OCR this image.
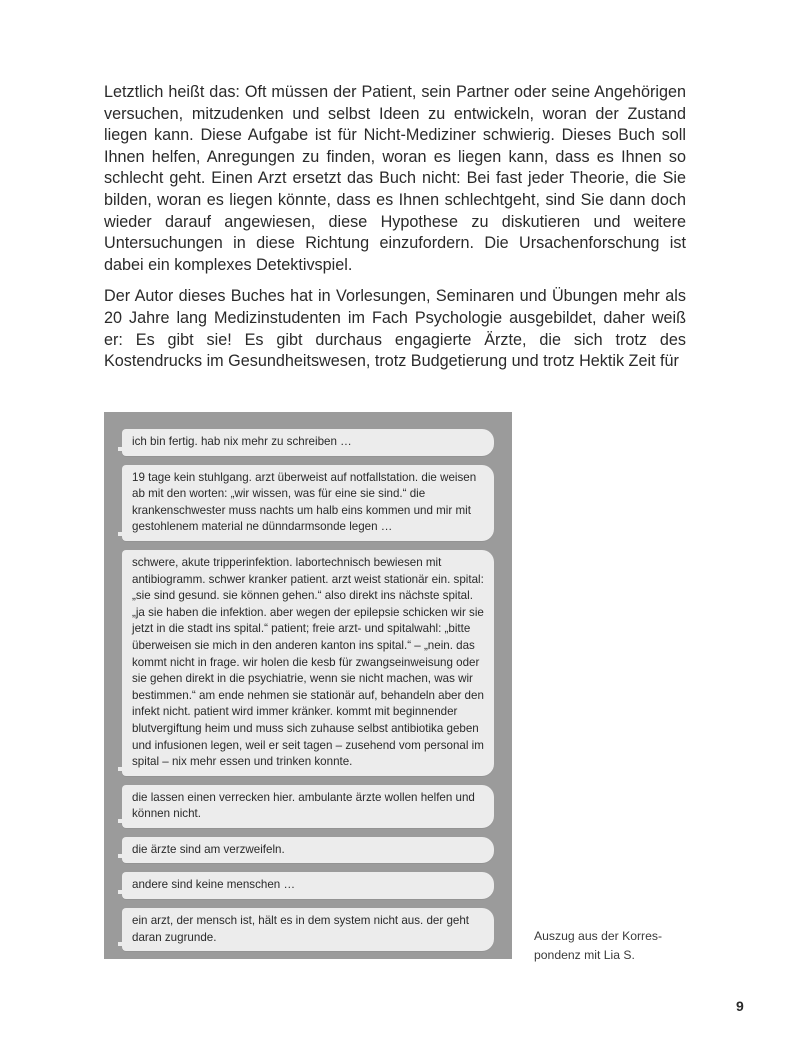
Letztlich heißt das: Oft müssen der Patient, sein Partner oder seine Angehörigen versuchen, mitzudenken und selbst Ideen zu entwickeln, woran der Zustand liegen kann. Diese Aufgabe ist für Nicht-Mediziner schwierig. Dieses Buch soll Ihnen helfen, Anregungen zu finden, woran es liegen kann, dass es Ihnen so schlecht geht. Einen Arzt ersetzt das Buch nicht: Bei fast jeder Theorie, die Sie bilden, woran es liegen könnte, dass es Ihnen schlechtgeht, sind Sie dann doch wieder darauf angewiesen, diese Hypothese zu diskutieren und weitere Untersuchungen in diese Richtung einzufordern. Die Ursachenforschung ist dabei ein komplexes Detektivspiel.

Der Autor dieses Buches hat in Vorlesungen, Seminaren und Übungen mehr als 20 Jahre lang Medizinstudenten im Fach Psychologie ausgebildet, daher weiß er: Es gibt sie! Es gibt durchaus engagierte Ärzte, die sich trotz des Kostendrucks im Gesundheitswesen, trotz Budgetierung und trotz Hektik Zeit für

ich bin fertig. hab nix mehr zu schreiben …
19 tage kein stuhlgang. arzt überweist auf notfallstation. die weisen ab mit den worten: „wir wissen, was für eine sie sind.“ die krankenschwester muss nachts um halb eins kommen und mir mit gestohlenem material ne dünndarmsonde legen …
schwere, akute tripperinfektion. labortechnisch bewiesen mit antibiogramm. schwer kranker patient. arzt weist stationär ein. spital: „sie sind gesund. sie können gehen.“ also direkt ins nächste spital. „ja sie haben die infektion. aber wegen der epilepsie schicken wir sie jetzt in die stadt ins spital.“ patient; freie arzt- und spitalwahl: „bitte überweisen sie mich in den anderen kanton ins spital.“ – „nein. das kommt nicht in frage. wir holen die kesb für zwangseinweisung oder sie gehen direkt in die psychiatrie, wenn sie nicht machen, was wir bestimmen.“ am ende nehmen sie stationär auf, behandeln aber den infekt nicht. patient wird immer kränker. kommt mit beginnender blutvergiftung heim und muss sich zuhause selbst antibiotika geben und infusionen legen, weil er seit tagen – zusehend vom personal im spital – nix mehr essen und trinken konnte.
die lassen einen verrecken hier. ambulante ärzte wollen helfen und können nicht.
die ärzte sind am verzweifeln.
andere sind keine menschen …
ein arzt, der mensch ist, hält es in dem system nicht aus. der geht daran zugrunde.	Auszug aus der Korres-pondenz mit Lia S.
9
